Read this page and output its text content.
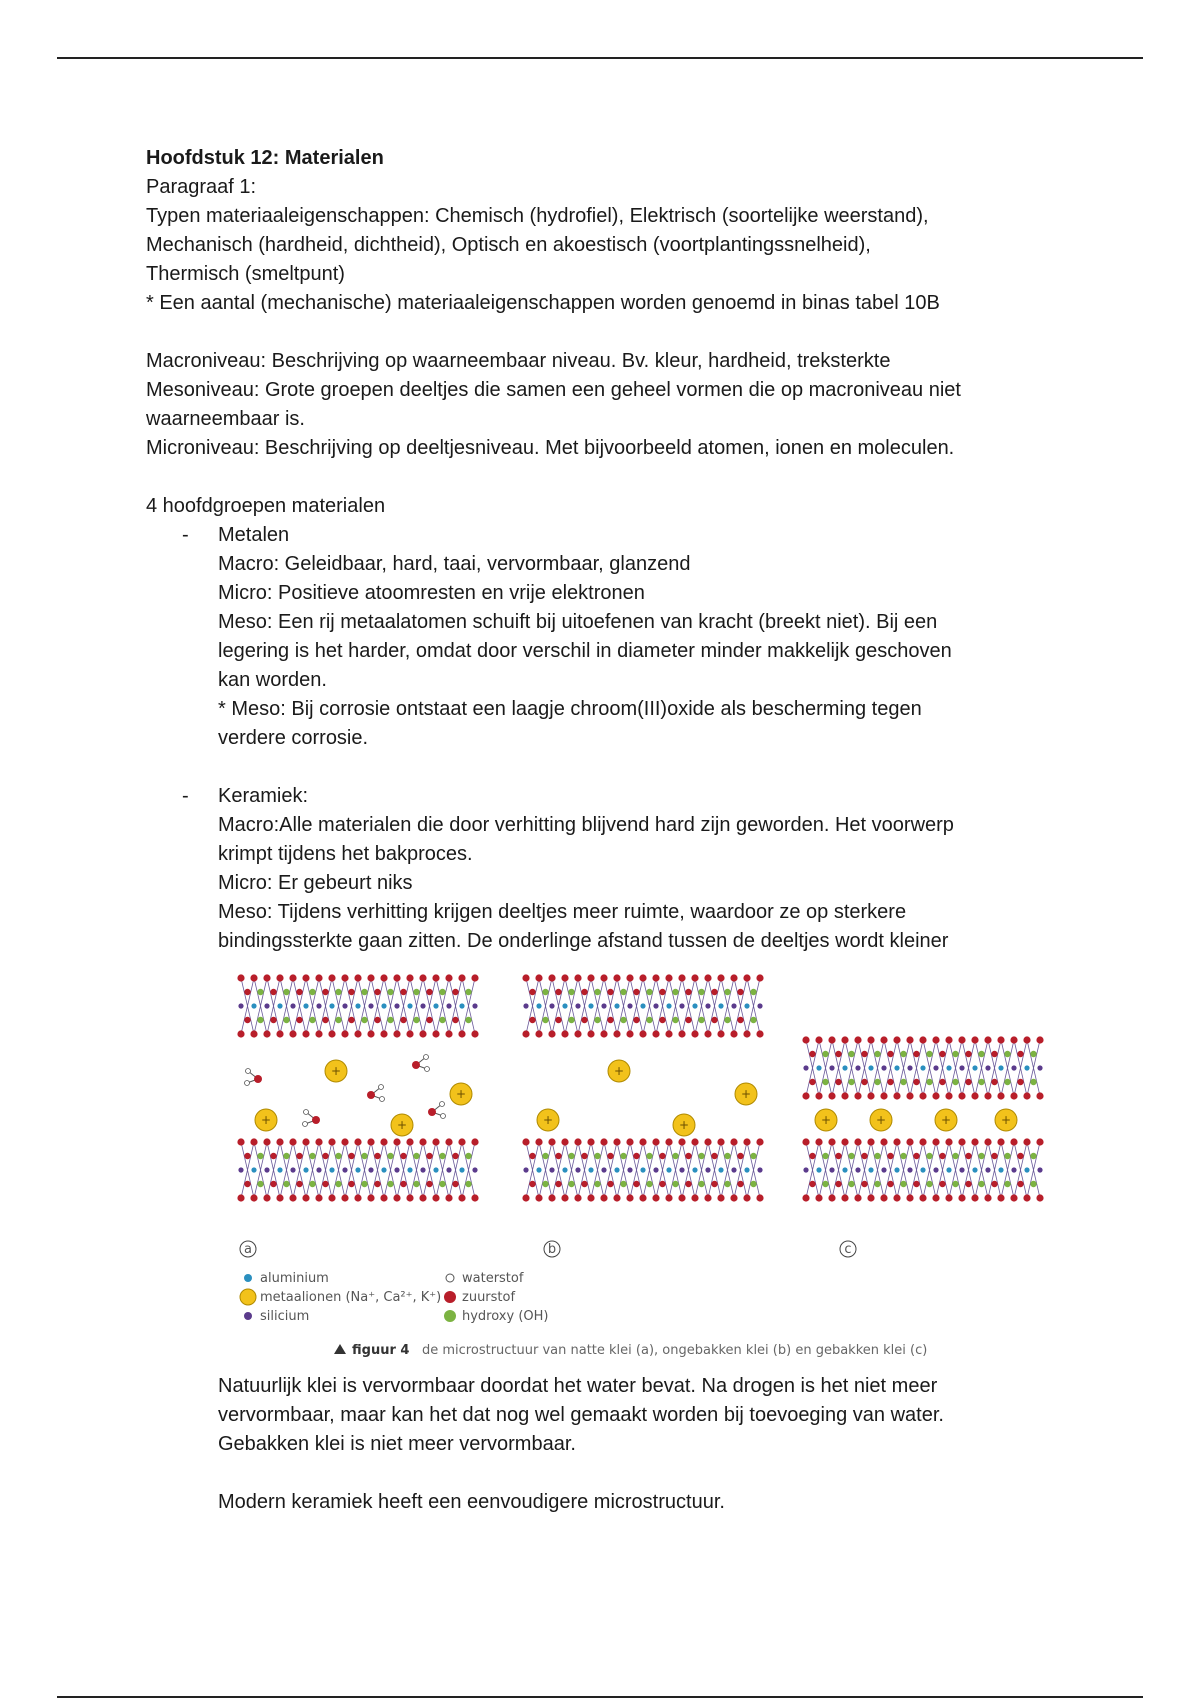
Hoofdstuk 12: Materialen

Paragraaf 1:

Typen materiaaleigenschappen: Chemisch (hydrofiel), Elektrisch (soortelijke weerstand),

Mechanisch (hardheid, dichtheid), Optisch en akoestisch (voortplantingssnelheid),

Thermisch (smeltpunt)

* Een aantal (mechanische) materiaaleigenschappen worden genoemd in binas tabel 10B

Macroniveau: Beschrijving op waarneembaar niveau. Bv. kleur, hardheid, treksterkte

Mesoniveau: Grote groepen deeltjes die samen een geheel vormen die op macroniveau niet

waarneembaar is.

Microniveau: Beschrijving op deeltjesniveau. Met bijvoorbeeld atomen, ionen en moleculen.

4 hoofdgroepen materialen

- Metalen

Macro: Geleidbaar, hard, taai, vervormbaar, glanzend

Micro: Positieve atoomresten en vrije elektronen

Meso: Een rij metaalatomen schuift bij uitoefenen van kracht (breekt niet). Bij een

legering is het harder, omdat door verschil in diameter minder makkelijk geschoven

kan worden.

* Meso: Bij corrosie ontstaat een laagje chroom(III)oxide als bescherming tegen

verdere corrosie.

- Keramiek:

Macro:Alle materialen die door verhitting blijvend hard zijn geworden. Het voorwerp

krimpt tijdens het bakproces.

Micro: Er gebeurt niks

Meso: Tijdens verhitting krijgen deeltjes meer ruimte, waardoor ze op sterkere

bindingssterkte gaan zitten. De onderlinge afstand tussen de deeltjes wordt kleiner

+
+
+	+
+
+
+	+	+	+	+	+
a	b	c
aluminium
metaalionen (Na⁺, Ca²⁺, K⁺)
silicium
waterstof
zuurstof
hydroxy (OH)
figuur 4 de microstructuur van natte klei (a), ongebakken klei (b) en gebakken klei (c)

Natuurlijk klei is vervormbaar doordat het water bevat. Na drogen is het niet meer

vervormbaar, maar kan het dat nog wel gemaakt worden bij toevoeging van water.

Gebakken klei is niet meer vervormbaar.

Modern keramiek heeft een eenvoudigere microstructuur.
